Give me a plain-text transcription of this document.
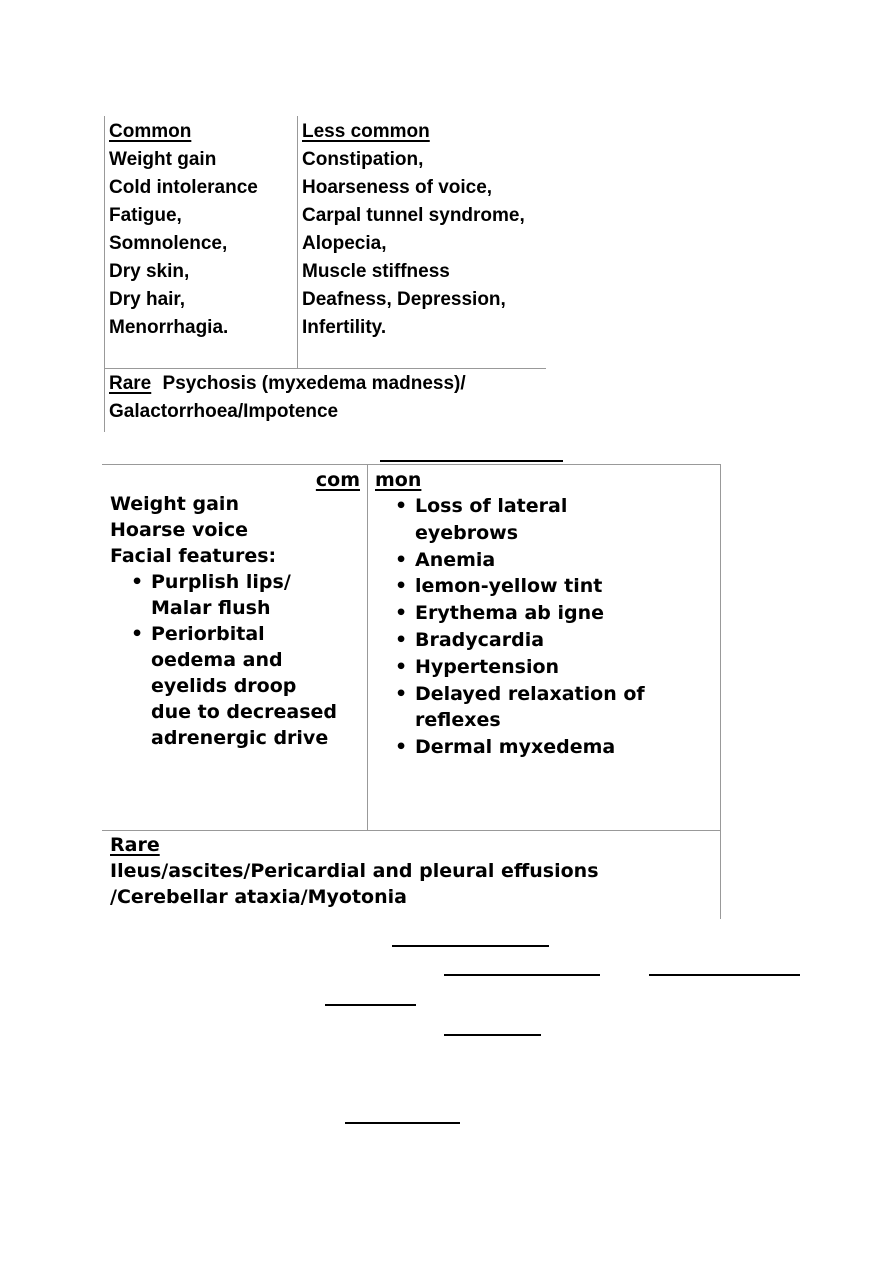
Common
Weight gain
Cold intolerance
Fatigue,
Somnolence,
Dry skin,
Dry hair,
Menorrhagia.
Less common
Constipation,
Hoarseness of voice,
Carpal tunnel syndrome,
Alopecia,
Muscle stiffness
Deafness, Depression,
Infertility.
Rare Psychosis (myxedema madness)/
Galactorrhoea/Impotence
com mon
Weight gain
Hoarse voice
Facial features:
• Purplish lips/ Malar flush
• Periorbital oedema and eyelids droop due to decreased adrenergic drive
• Loss of lateral eyebrows
• Anemia
• lemon-yellow tint
• Erythema ab igne
• Bradycardia
• Hypertension
• Delayed relaxation of reflexes
• Dermal myxedema
Rare
Ileus/ascites/Pericardial and pleural effusions
/Cerebellar ataxia/Myotonia
